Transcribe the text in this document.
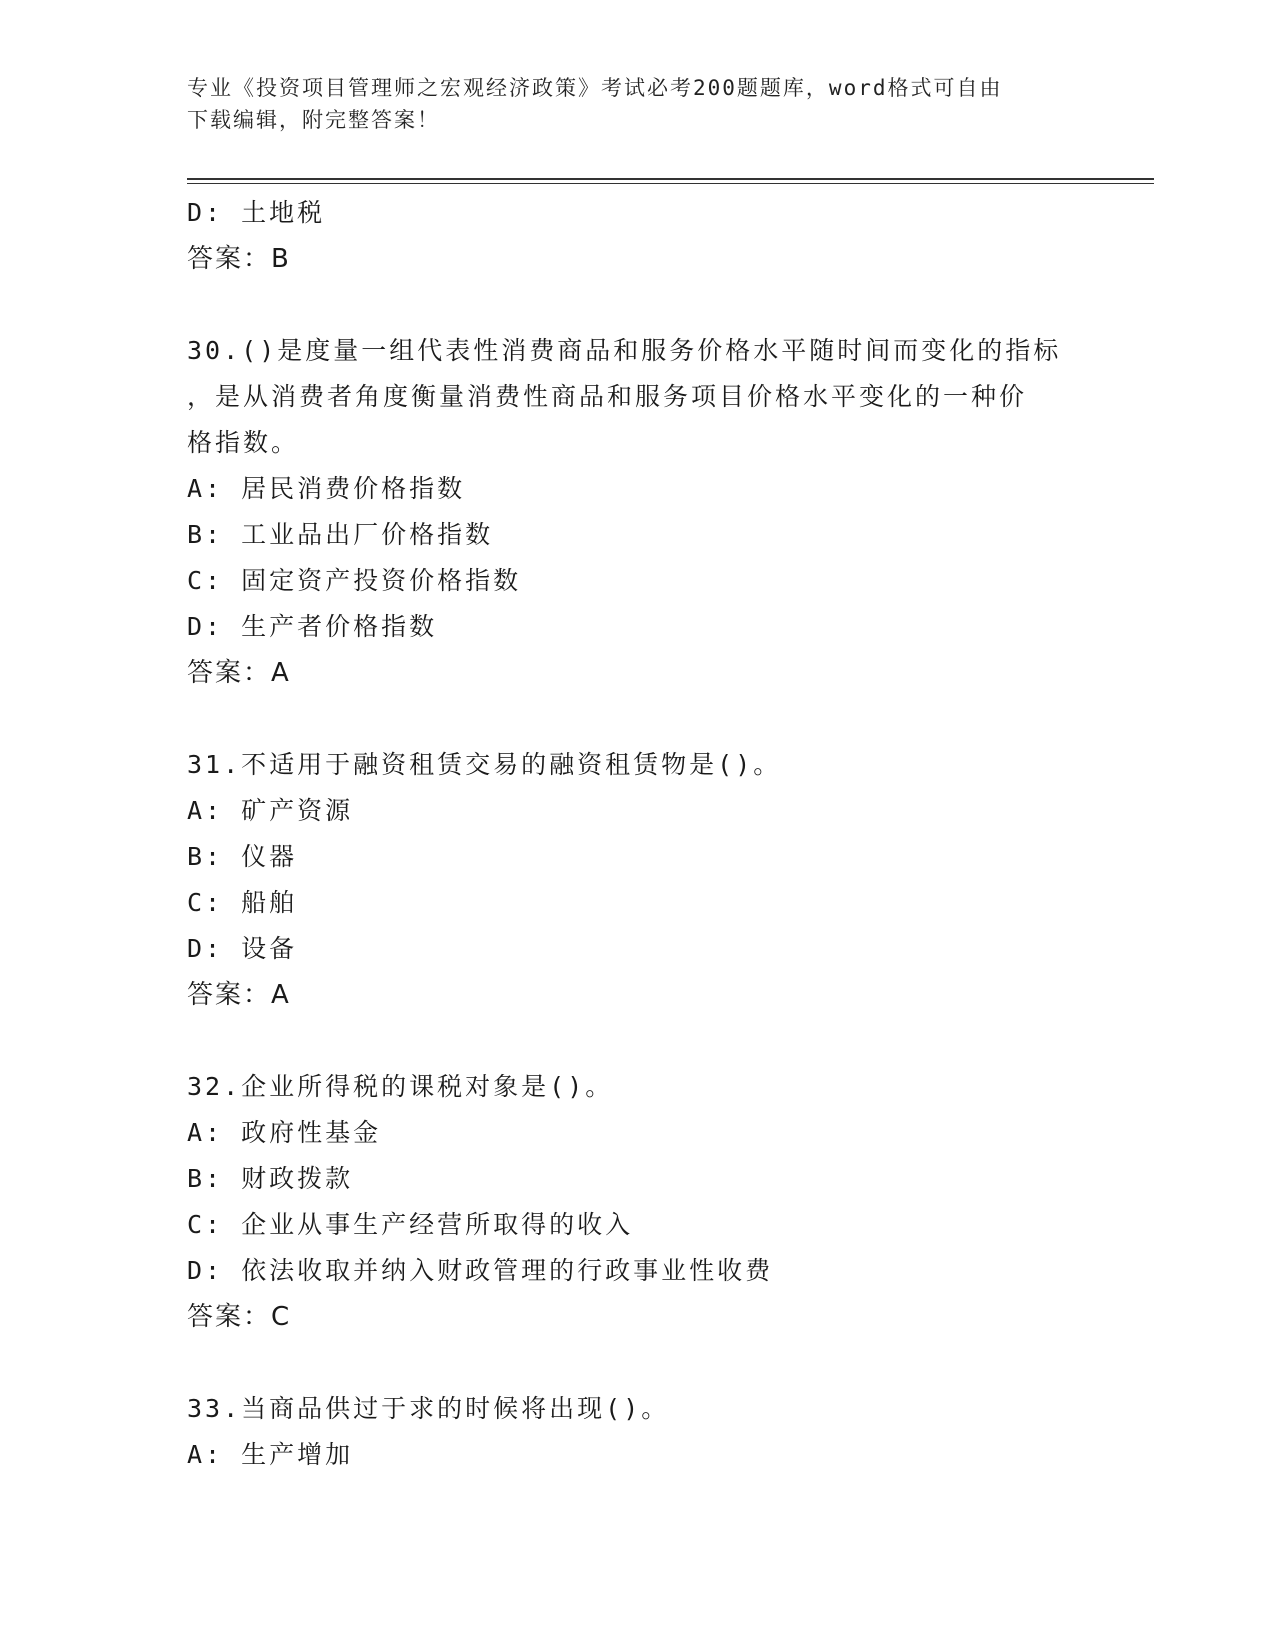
专业《投资项目管理师之宏观经济政策》考试必考200题题库，word格式可自由
下载编辑，附完整答案！
D: 土地税
答案：B
30.()是度量一组代表性消费商品和服务价格水平随时间而变化的指标
，是从消费者角度衡量消费性商品和服务项目价格水平变化的一种价
格指数。
A: 居民消费价格指数
B: 工业品出厂价格指数
C: 固定资产投资价格指数
D: 生产者价格指数
答案：A
31.不适用于融资租赁交易的融资租赁物是()。
A: 矿产资源
B: 仪器
C: 船舶
D: 设备
答案：A
32.企业所得税的课税对象是()。
A: 政府性基金
B: 财政拨款
C: 企业从事生产经营所取得的收入
D: 依法收取并纳入财政管理的行政事业性收费
答案：C
33.当商品供过于求的时候将出现()。
A: 生产增加
